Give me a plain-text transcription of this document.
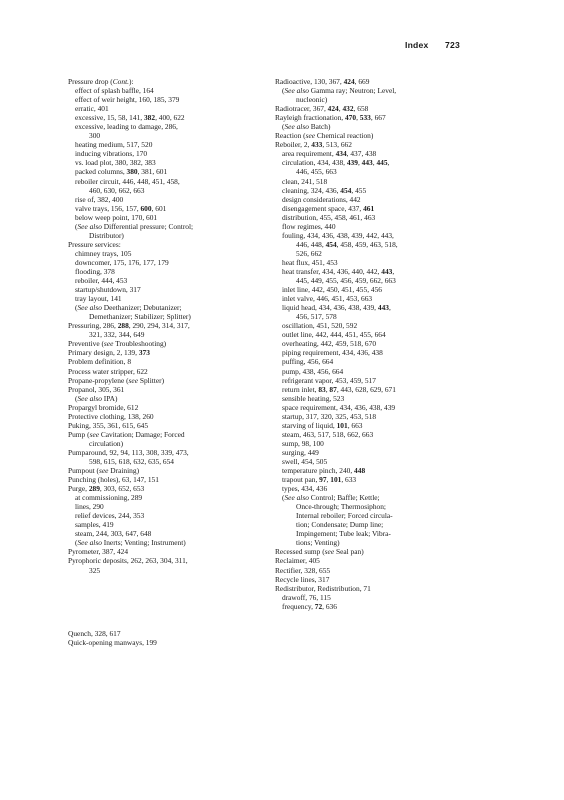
Index 723
Pressure drop (Cont.):
effect of splash baffle, 164
effect of weir height, 160, 185, 379
erratic, 401
excessive, 15, 58, 141, 382, 400, 622
excessive, leading to damage, 286,
300
heating medium, 517, 520
inducing vibrations, 170
vs. load plot, 380, 382, 383
packed columns, 380, 381, 601
reboiler circuit, 446, 448, 451, 458,
460, 630, 662, 663
rise of, 382, 400
valve trays, 156, 157, 600, 601
below weep point, 170, 601
(See also Differential pressure; Control;
Distributor)
Pressure services:
chimney trays, 105
downcomer, 175, 176, 177, 179
flooding, 378
reboiler, 444, 453
startup/shutdown, 317
tray layout, 141
(See also Deethanizer; Debutanizer;
Demethanizer; Stabilizer; Splitter)
Pressuring, 286, 288, 290, 294, 314, 317,
321, 332, 344, 649
Preventive (see Troubleshooting)
Primary design, 2, 139, 373
Problem definition, 8
Process water stripper, 622
Propane-propylene (see Splitter)
Propanol, 305, 361
(See also IPA)
Propargyl bromide, 612
Protective clothing, 138, 260
Puking, 355, 361, 615, 645
Pump (see Cavitation; Damage; Forced
circulation)
Pumparound, 92, 94, 113, 308, 339, 473,
598, 615, 618, 632, 635, 654
Pumpout (see Draining)
Punching (holes), 63, 147, 151
Purge, 289, 303, 652, 653
at commissioning, 289
lines, 290
relief devices, 244, 353
samples, 419
steam, 244, 303, 647, 648
(See also Inerts; Venting; Instrument)
Pyrometer, 387, 424
Pyrophoric deposits, 262, 263, 304, 311,
325
Quench, 328, 617
Quick-opening manways, 199
Radioactive, 130, 367, 424, 669
(See also Gamma ray; Neutron; Level,
nucleonic)
Radiotracer, 367, 424, 432, 658
Rayleigh fractionation, 470, 533, 667
(See also Batch)
Reaction (see Chemical reaction)
Reboiler, 2, 433, 513, 662
area requirement, 434, 437, 438
circulation, 434, 438, 439, 443, 445,
446, 455, 663
clean, 241, 518
cleaning, 324, 436, 454, 455
design considerations, 442
disengagement space, 437, 461
distribution, 455, 458, 461, 463
flow regimes, 440
fouling, 434, 436, 438, 439, 442, 443,
446, 448, 454, 458, 459, 463, 518,
526, 662
heat flux, 451, 453
heat transfer, 434, 436, 440, 442, 443,
445, 449, 455, 456, 459, 662, 663
inlet line, 442, 450, 451, 455, 456
inlet valve, 446, 451, 453, 663
liquid head, 434, 436, 438, 439, 443,
456, 517, 578
oscillation, 451, 520, 592
outlet line, 442, 444, 451, 455, 664
overheating, 442, 459, 518, 670
piping requirement, 434, 436, 438
puffing, 456, 664
pump, 438, 456, 664
refrigerant vapor, 453, 459, 517
return inlet, 83, 87, 443, 628, 629, 671
sensible heating, 523
space requirement, 434, 436, 438, 439
startup, 317, 320, 325, 453, 518
starving of liquid, 101, 663
steam, 463, 517, 518, 662, 663
sump, 98, 100
surging, 449
swell, 454, 505
temperature pinch, 240, 448
trapout pan, 97, 101, 633
types, 434, 436
(See also Control; Baffle; Kettle;
Once-through; Thermosiphon;
Internal reboiler; Forced circula-
tion; Condensate; Dump line;
Impingement; Tube leak; Vibra-
tions; Venting)
Recessed sump (see Seal pan)
Reclaimer, 405
Rectifier, 328, 655
Recycle lines, 317
Redistributor, Redistribution, 71
drawoff, 76, 115
frequency, 72, 636
